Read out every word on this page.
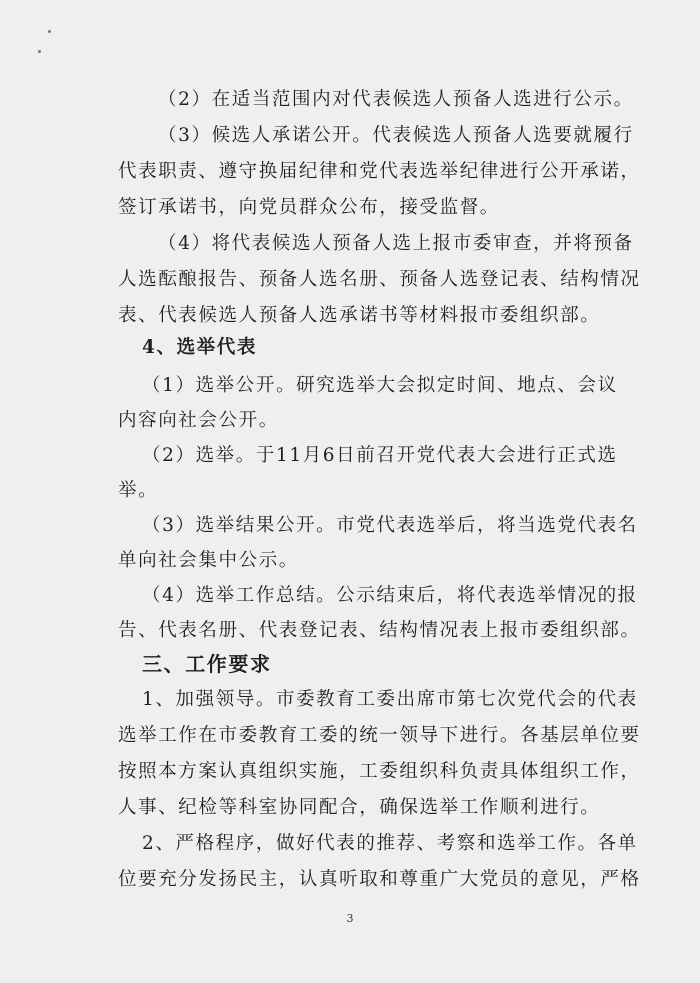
（2）在适当范围内对代表候选人预备人选进行公示。
（3）候选人承诺公开。代表候选人预备人选要就履行
代表职责、遵守换届纪律和党代表选举纪律进行公开承诺，
签订承诺书，向党员群众公布，接受监督。
（4）将代表候选人预备人选上报市委审查，并将预备
人选酝酿报告、预备人选名册、预备人选登记表、结构情况
表、代表候选人预备人选承诺书等材料报市委组织部。
4、选举代表
（1）选举公开。研究选举大会拟定时间、地点、会议
内容向社会公开。
（2）选举。于11月6日前召开党代表大会进行正式选
举。
（3）选举结果公开。市党代表选举后，将当选党代表名
单向社会集中公示。
（4）选举工作总结。公示结束后，将代表选举情况的报
告、代表名册、代表登记表、结构情况表上报市委组织部。
三、工作要求
1、加强领导。市委教育工委出席市第七次党代会的代表
选举工作在市委教育工委的统一领导下进行。各基层单位要
按照本方案认真组织实施，工委组织科负责具体组织工作，
人事、纪检等科室协同配合，确保选举工作顺利进行。
2、严格程序，做好代表的推荐、考察和选举工作。各单
位要充分发扬民主，认真听取和尊重广大党员的意见，严格
3
